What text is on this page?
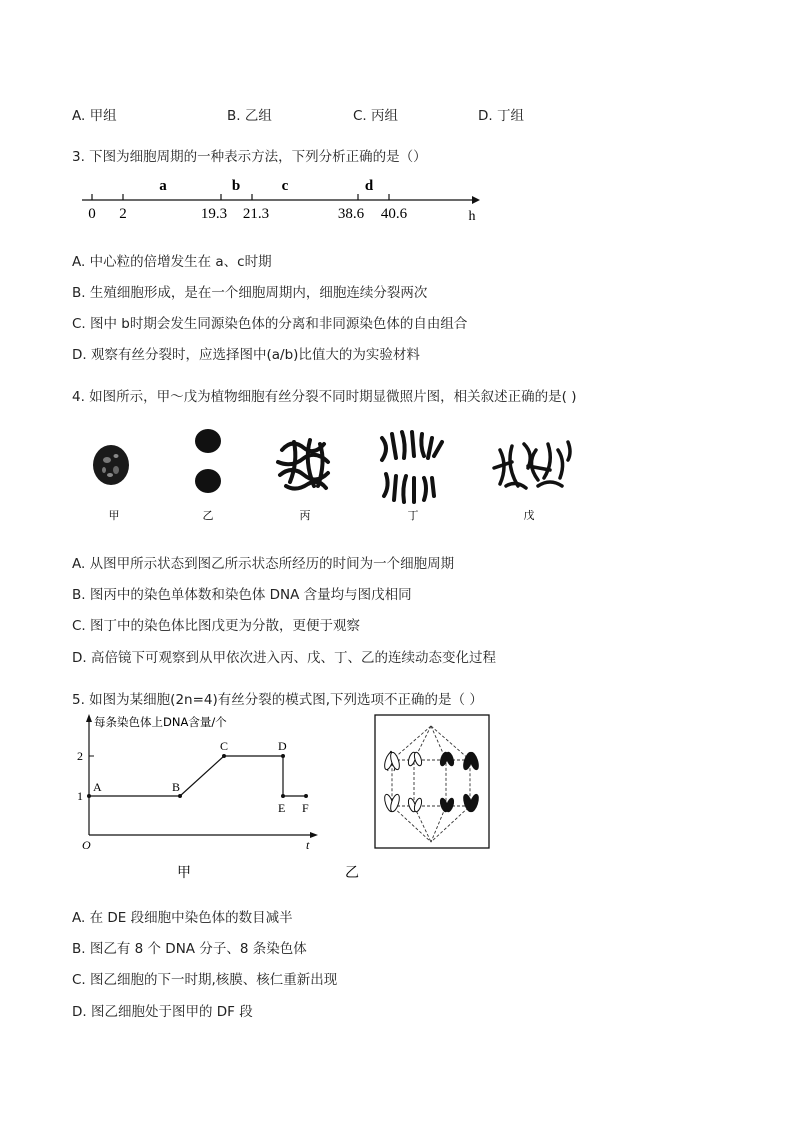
A. 甲组	B. 乙组	C. 丙组	D. 丁组
3. 下图为细胞周期的一种表示方法，下列分析正确的是（）
0 2	19.3 21.3	38.6 40.6
a	b	c	d
h
A. 中心粒的倍增发生在 a、c时期
B. 生殖细胞形成，是在一个细胞周期内，细胞连续分裂两次
C. 图中 b时期会发生同源染色体的分离和非同源染色体的自由组合
D. 观察有丝分裂时，应选择图中(a/b)比值大的为实验材料
4. 如图所示，甲～戊为植物细胞有丝分裂不同时期显微照片图，相关叙述正确的是( )
甲	乙	丙	丁	戊
A. 从图甲所示状态到图乙所示状态所经历的时间为一个细胞周期
B. 图丙中的染色单体数和染色体 DNA 含量均与图戊相同
C. 图丁中的染色体比图戊更为分散，更便于观察
D. 高倍镜下可观察到从甲依次进入丙、戊、丁、乙的连续动态变化过程
5. 如图为某细胞(2n=4)有丝分裂的模式图,下列选项不正确的是（ ）
每条染色体上DNA含量/个
2
1
O	t
A	B
C	D
E F
甲	乙
A. 在 DE 段细胞中染色体的数目减半
B. 图乙有 8 个 DNA 分子、8 条染色体
C. 图乙细胞的下一时期,核膜、核仁重新出现
D. 图乙细胞处于图甲的 DF 段
